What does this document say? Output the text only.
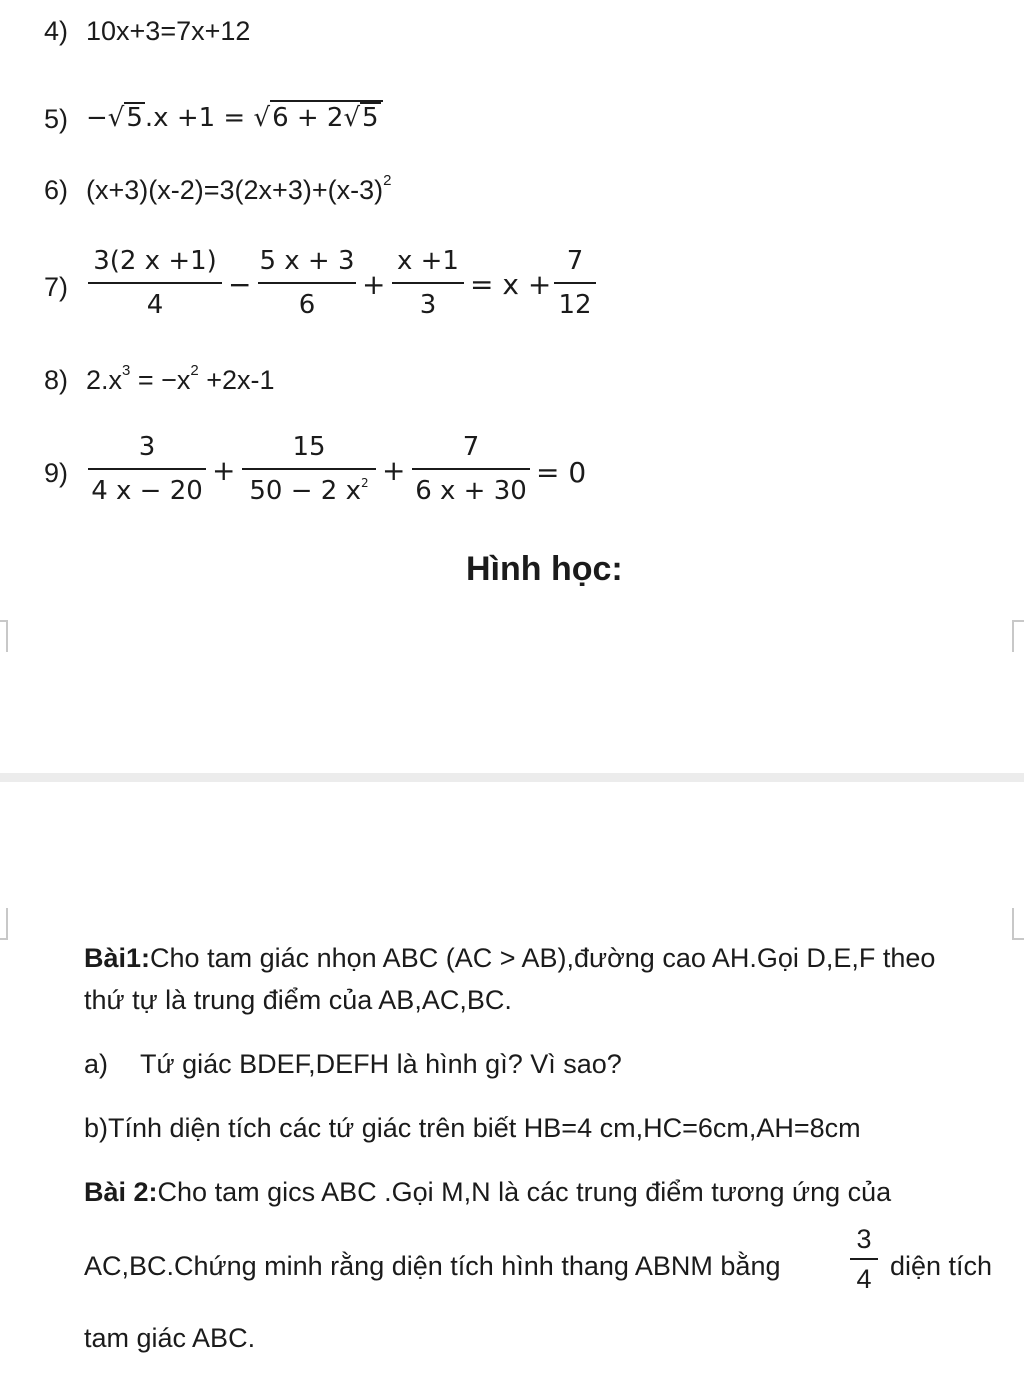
4) 10x+3=7x+12
5) −√5.x +1 = √6 + 2√5
6) $(x+3)(x-2)=3(2x+3)+(x-3)^2$
7)
3(2 x +1)
4
−
5 x + 3
6
+
x +1
3
= x +
7
12
8) $2.x^3 = -x^2 +2x-1$
9)
3
4 x − 20
+
15
50 − 2 $x^2$ +
7
6 x + 30
= 0
Hình học:
Bài1:Cho tam giác nhọn ABC (AC > AB),đường cao AH.Gọi D,E,F theo
thứ tự là trung điểm của AB,AC,BC.
a) Tứ giác BDEF,DEFH là hình gì? Vì sao?
b)Tính diện tích các tứ giác trên biết HB=4 cm,HC=6cm,AH=8cm
Bài 2:Cho tam gics ABC .Gọi M,N là các trung điểm tương ứng của
AC,BC.Chứng minh rằng diện tích hình thang ABNM bằng
3
4 diện tích
tam giác ABC.
